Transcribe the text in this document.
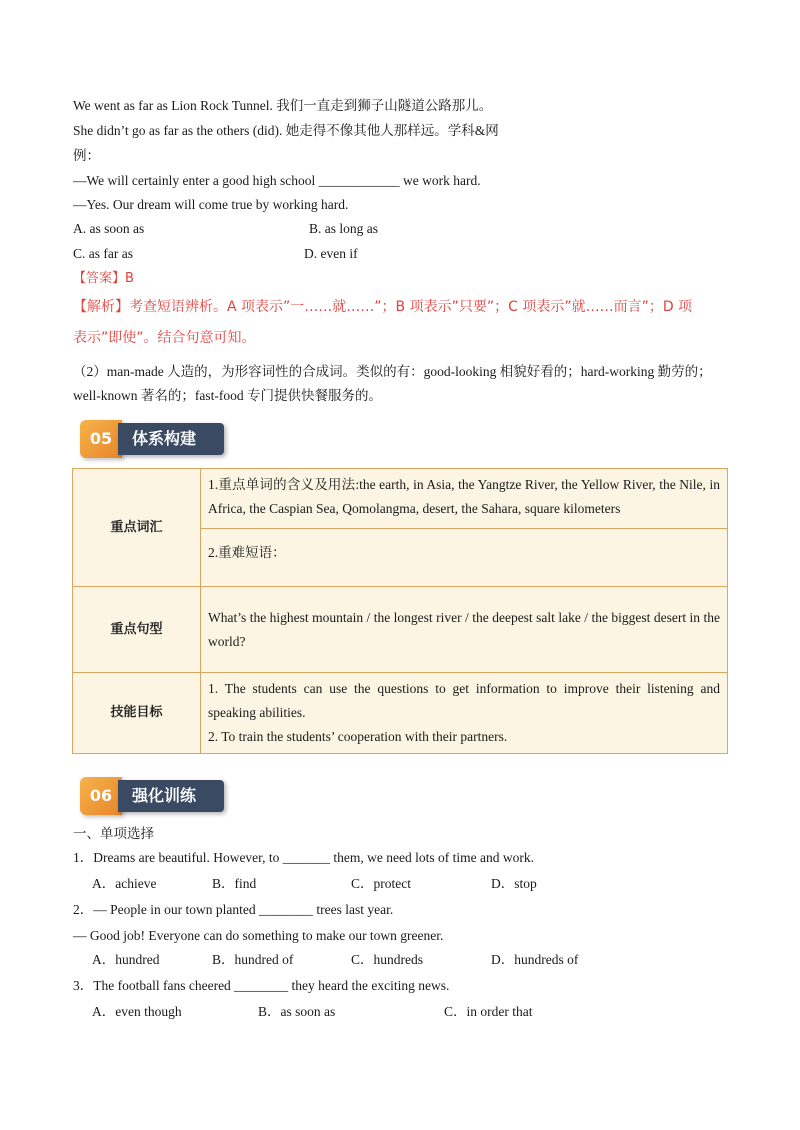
We went as far as Lion Rock Tunnel. 我们一直走到狮子山隧道公路那儿。
She didn’t go as far as the others (did). 她走得不像其他人那样远。学科&网
例：
—We will certainly enter a good high school ____________ we work hard.
—Yes. Our dream will come true by working hard.
A. as soon as	B. as long as
C. as far as	D. even if
【答案】B
【解析】考查短语辨析。A 项表示”一……就……”；B 项表示”只要”；C 项表示”就……而言”；D 项
表示”即使”。结合句意可知。
（2）man-made 人造的，为形容词性的合成词。类似的有：good-looking 相貌好看的；hard-working 勤劳的；
well-known 著名的；fast-food 专门提供快餐服务的。
05	体系构建
重点词汇	1.重点单词的含义及用法:the earth, in Asia, the Yangtze River, the Yellow River, the Nile, in Africa, the Caspian Sea, Qomolangma, desert, the Sahara, square kilometers
	2.重难短语：
重点句型	What’s the highest mountain / the longest river / the deepest salt lake / the biggest desert in the world?
技能目标	1. The students can use the questions to get information to improve their listening and speaking abilities.
2. To train the students’ cooperation with their partners.
06	强化训练
一、单项选择
1．Dreams are beautiful. However, to _______ them, we need lots of time and work.
A．achieve	B．find	C．protect	D．stop
2．— People in our town planted ________ trees last year.
— Good job! Everyone can do something to make our town greener.
A．hundred	B．hundred of	C．hundreds	D．hundreds of
3．The football fans cheered ________ they heard the exciting news.
A．even though	B．as soon as	C．in order that
